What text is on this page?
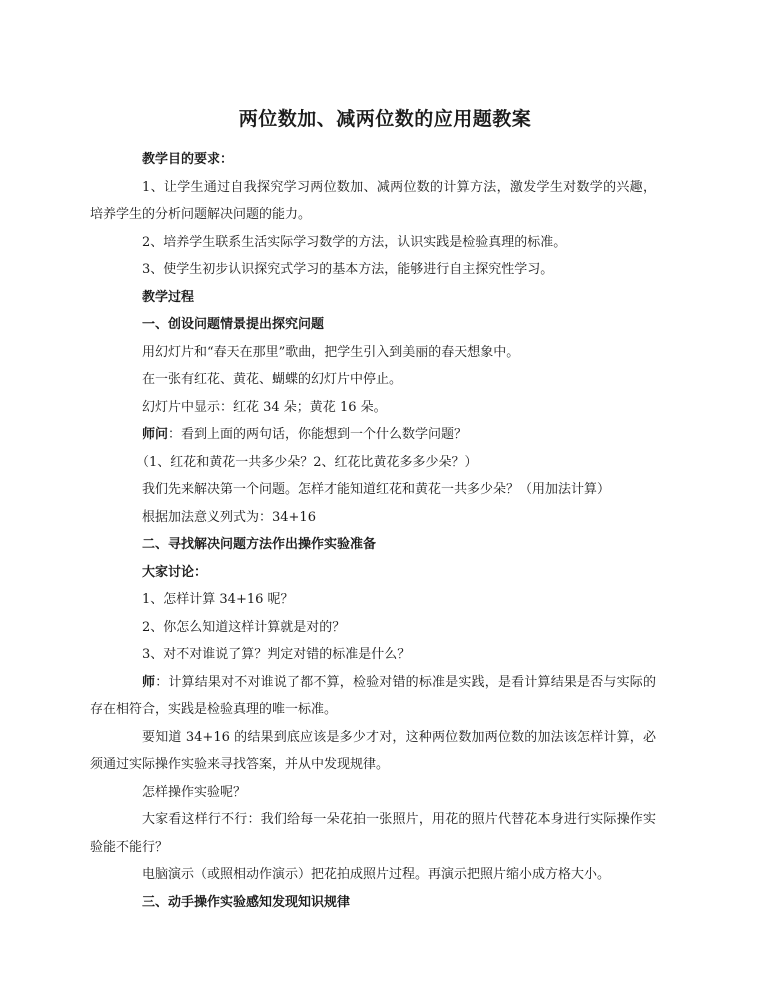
两位数加、减两位数的应用题教案

教学目的要求：

1、让学生通过自我探究学习两位数加、减两位数的计算方法，激发学生对数学的兴趣，培养学生的分析问题解决问题的能力。

2、培养学生联系生活实际学习数学的方法，认识实践是检验真理的标准。

3、使学生初步认识探究式学习的基本方法，能够进行自主探究性学习。

教学过程

一、创设问题情景提出探究问题

用幻灯片和“春天在那里”歌曲，把学生引入到美丽的春天想象中。

在一张有红花、黄花、蝴蝶的幻灯片中停止。

幻灯片中显示：红花 34 朵；黄花 16 朵。

师问：看到上面的两句话，你能想到一个什么数学问题？

（1、红花和黄花一共多少朵？2、红花比黄花多多少朵？）

我们先来解决第一个问题。怎样才能知道红花和黄花一共多少朵？（用加法计算）

根据加法意义列式为：34+16

二、寻找解决问题方法作出操作实验准备

大家讨论：

1、怎样计算 34+16 呢？

2、你怎么知道这样计算就是对的？

3、对不对谁说了算？判定对错的标准是什么？

师：计算结果对不对谁说了都不算，检验对错的标准是实践，是看计算结果是否与实际的存在相符合，实践是检验真理的唯一标准。

要知道 34+16 的结果到底应该是多少才对，这种两位数加两位数的加法该怎样计算，必须通过实际操作实验来寻找答案，并从中发现规律。

怎样操作实验呢？

大家看这样行不行：我们给每一朵花拍一张照片，用花的照片代替花本身进行实际操作实验能不能行？

电脑演示（或照相动作演示）把花拍成照片过程。再演示把照片缩小成方格大小。

三、动手操作实验感知发现知识规律
